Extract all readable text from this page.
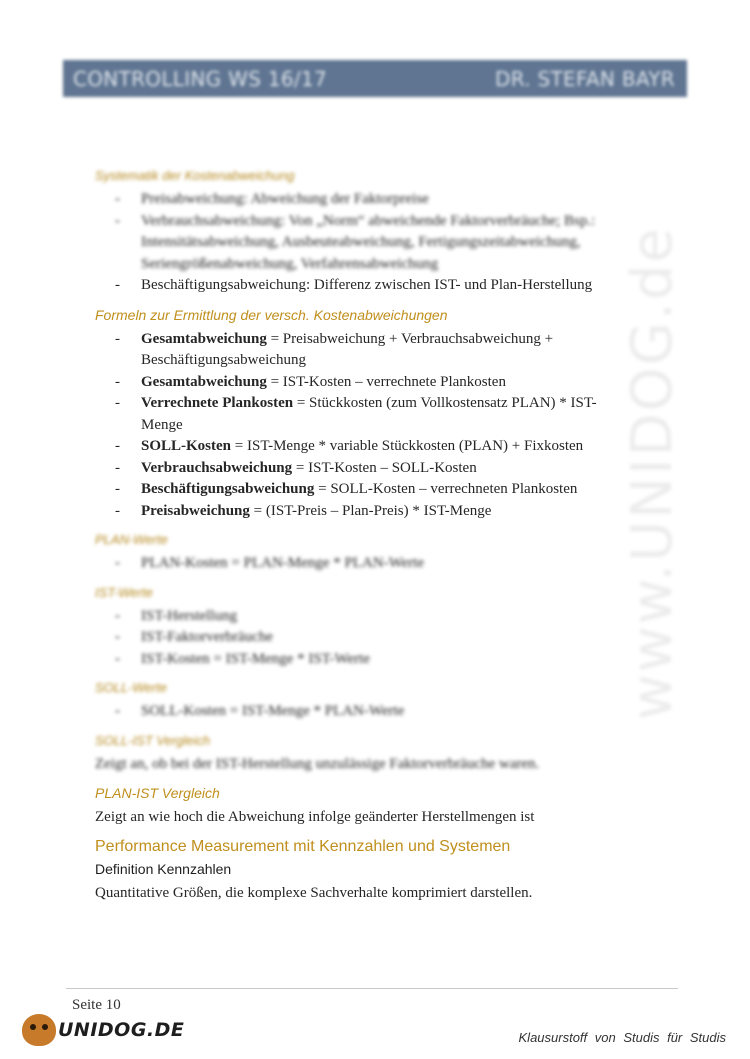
CONTROLLING WS 16/17	DR. STEFAN BAYR
www.UNIDOG.de
Systematik der Kostenabweichung
- Preisabweichung: Abweichung der Faktorpreise
- Verbrauchsabweichung: Von „Norm“ abweichende Faktorverbräuche; Bsp.: Intensitätsabweichung, Ausbeuteabweichung, Fertigungszeitabweichung, Seriengrößenabweichung, Verfahrensabweichung
- Beschäftigungsabweichung: Differenz zwischen IST- und Plan-Herstellung
Formeln zur Ermittlung der versch. Kostenabweichungen
- Gesamtabweichung = Preisabweichung + Verbrauchsabweichung + Beschäftigungsabweichung
- Gesamtabweichung = IST-Kosten – verrechnete Plankosten
- Verrechnete Plankosten = Stückkosten (zum Vollkostensatz PLAN) * IST-Menge
- SOLL-Kosten = IST-Menge * variable Stückkosten (PLAN) + Fixkosten
- Verbrauchsabweichung = IST-Kosten – SOLL-Kosten
- Beschäftigungsabweichung = SOLL-Kosten – verrechneten Plankosten
- Preisabweichung = (IST-Preis – Plan-Preis) * IST-Menge
PLAN-Werte
- PLAN-Kosten = PLAN-Menge * PLAN-Werte
IST-Werte
- IST-Herstellung
- IST-Faktorverbräuche
- IST-Kosten = IST-Menge * IST-Werte
SOLL-Werte
- SOLL-Kosten = IST-Menge * PLAN-Werte
SOLL-IST Vergleich
Zeigt an, ob bei der IST-Herstellung unzulässige Faktorverbräuche waren.
PLAN-IST Vergleich
Zeigt an wie hoch die Abweichung infolge geänderter Herstellmengen ist
Performance Measurement mit Kennzahlen und Systemen
Definition Kennzahlen
Quantitative Größen, die komplexe Sachverhalte komprimiert darstellen.
Seite 10
UNIDOG.DE	Klausurstoff von Studis für Studis
